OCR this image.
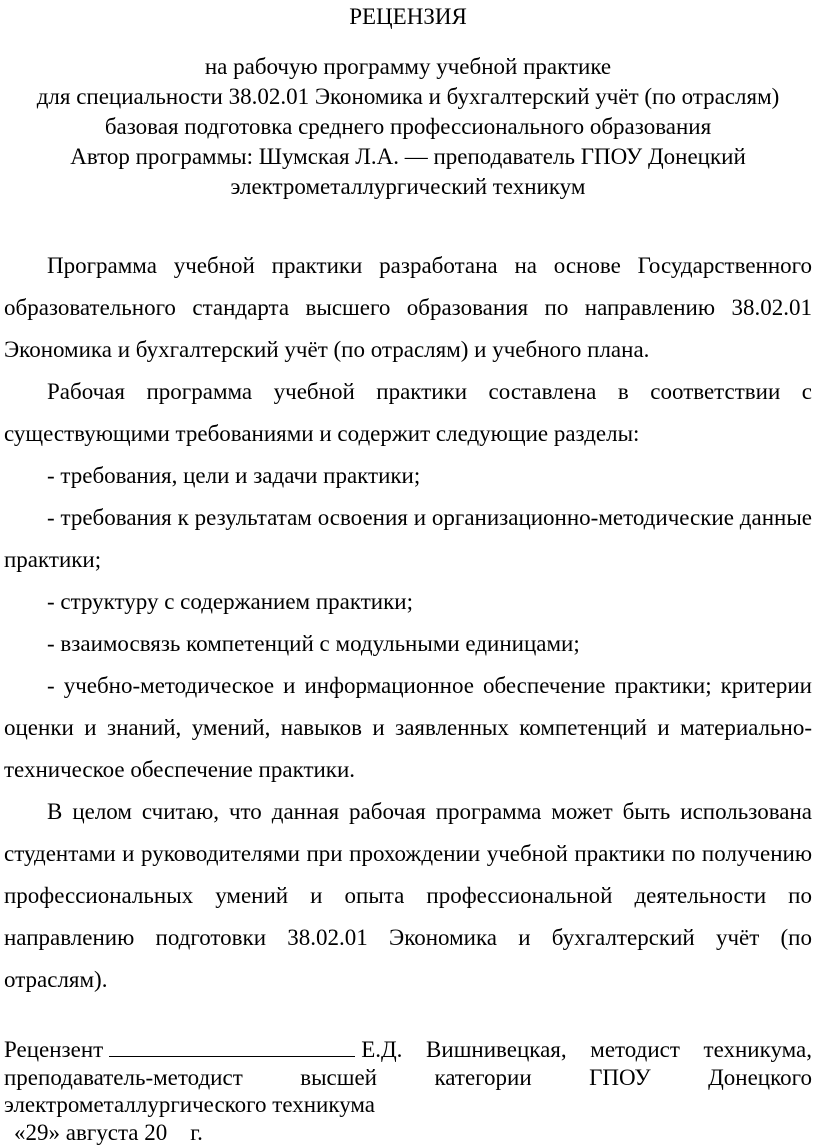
РЕЦЕНЗИЯ
на рабочую программу учебной практике
для специальности 38.02.01 Экономика и бухгалтерский учёт (по отраслям)
базовая подготовка среднего профессионального образования
Автор программы: Шумская Л.А. — преподаватель ГПОУ Донецкий
электрометаллургический техникум

Программа учебной практики разработана на основе Государственного образовательного стандарта высшего образования по направлению 38.02.01 Экономика и бухгалтерский учёт (по отраслям) и учебного плана.

Рабочая программа учебной практики составлена в соответствии с существующими требованиями и содержит следующие разделы:

- требования, цели и задачи практики;

- требования к результатам освоения и организационно-методические данные практики;

- структуру с содержанием практики;

- взаимосвязь компетенций с модульными единицами;

- учебно-методическое и информационное обеспечение практики; критерии оценки и знаний, умений, навыков и заявленных компетенций и материально-техническое обеспечение практики.

В целом считаю, что данная рабочая программа может быть использована студентами и руководителями при прохождении учебной практики по получению профессиональных умений и опыта профессиональной деятельности по направлению подготовки 38.02.01 Экономика и бухгалтерский учёт (по отраслям).

Рецензент	Е.Д. Вишнивецкая, методист техникума, преподаватель-методист высшей категории ГПОУ Донецкого электрометаллургического техникума
«29» августа 20    г.
